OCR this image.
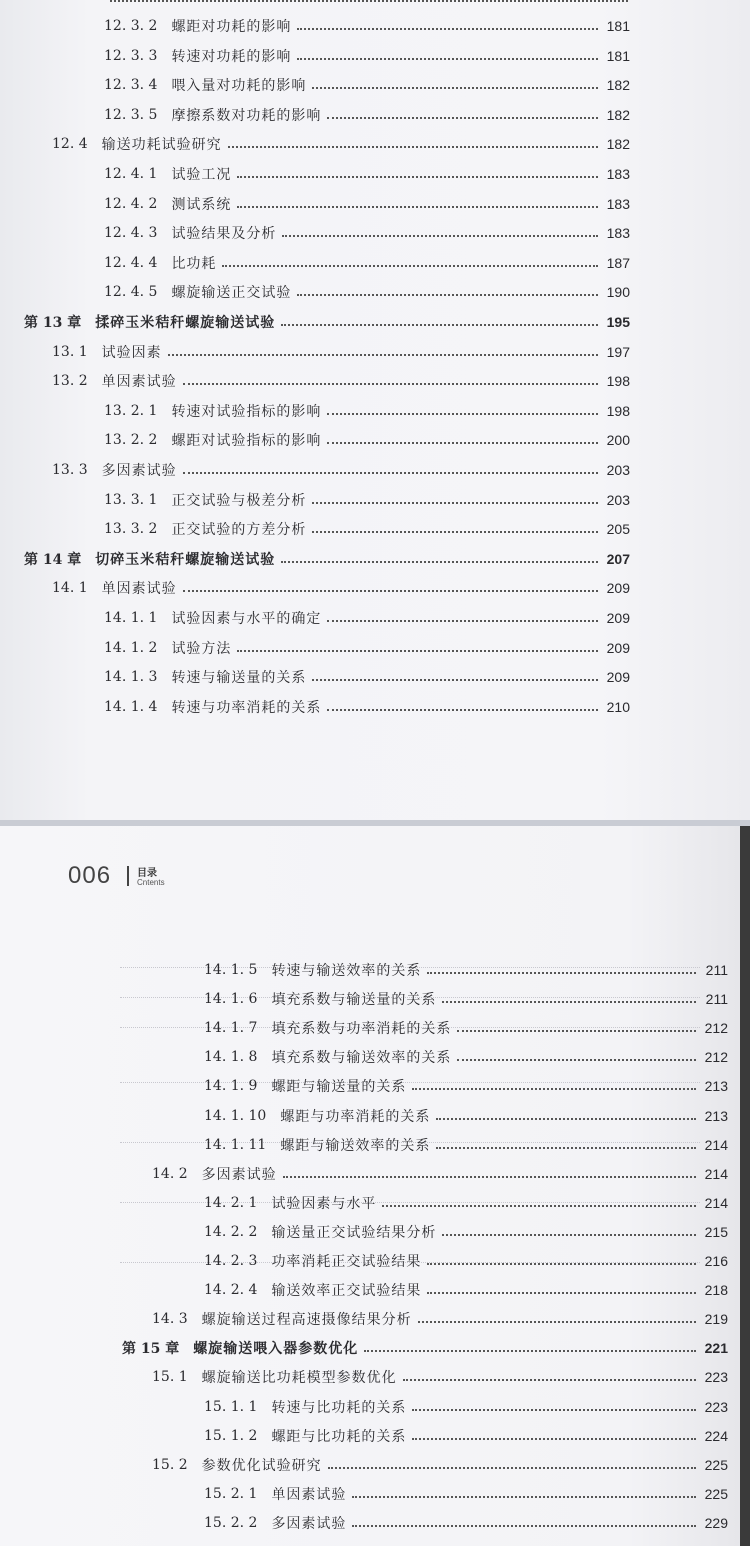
006	目录
Cntents
12. 3. 2 螺距对功耗的影响	181
12. 3. 3 转速对功耗的影响	181
12. 3. 4 喂入量对功耗的影响	182
12. 3. 5 摩擦系数对功耗的影响	182
12. 4 输送功耗试验研究	182
12. 4. 1 试验工况	183
12. 4. 2 测试系统	183
12. 4. 3 试验结果及分析	183
12. 4. 4 比功耗	187
12. 4. 5 螺旋输送正交试验	190
第 13 章 揉碎玉米秸秆螺旋输送试验	195
13. 1 试验因素	197
13. 2 单因素试验	198
13. 2. 1 转速对试验指标的影响	198
13. 2. 2 螺距对试验指标的影响	200
13. 3 多因素试验	203
13. 3. 1 正交试验与极差分析	203
13. 3. 2 正交试验的方差分析	205
第 14 章 切碎玉米秸秆螺旋输送试验	207
14. 1 单因素试验	209
14. 1. 1 试验因素与水平的确定	209
14. 1. 2 试验方法	209
14. 1. 3 转速与输送量的关系	209
14. 1. 4 转速与功率消耗的关系	210
14. 1. 5 转速与输送效率的关系	211
14. 1. 6 填充系数与输送量的关系	211
14. 1. 7 填充系数与功率消耗的关系	212
14. 1. 8 填充系数与输送效率的关系	212
14. 1. 9 螺距与输送量的关系	213
14. 1. 10 螺距与功率消耗的关系	213
14. 1. 11 螺距与输送效率的关系	214
14. 2 多因素试验	214
14. 2. 1 试验因素与水平	214
14. 2. 2 输送量正交试验结果分析	215
14. 2. 3 功率消耗正交试验结果	216
14. 2. 4 输送效率正交试验结果	218
14. 3 螺旋输送过程高速摄像结果分析	219
第 15 章 螺旋输送喂入器参数优化	221
15. 1 螺旋输送比功耗模型参数优化	223
15. 1. 1 转速与比功耗的关系	223
15. 1. 2 螺距与比功耗的关系	224
15. 2 参数优化试验研究	225
15. 2. 1 单因素试验	225
15. 2. 2 多因素试验	229
